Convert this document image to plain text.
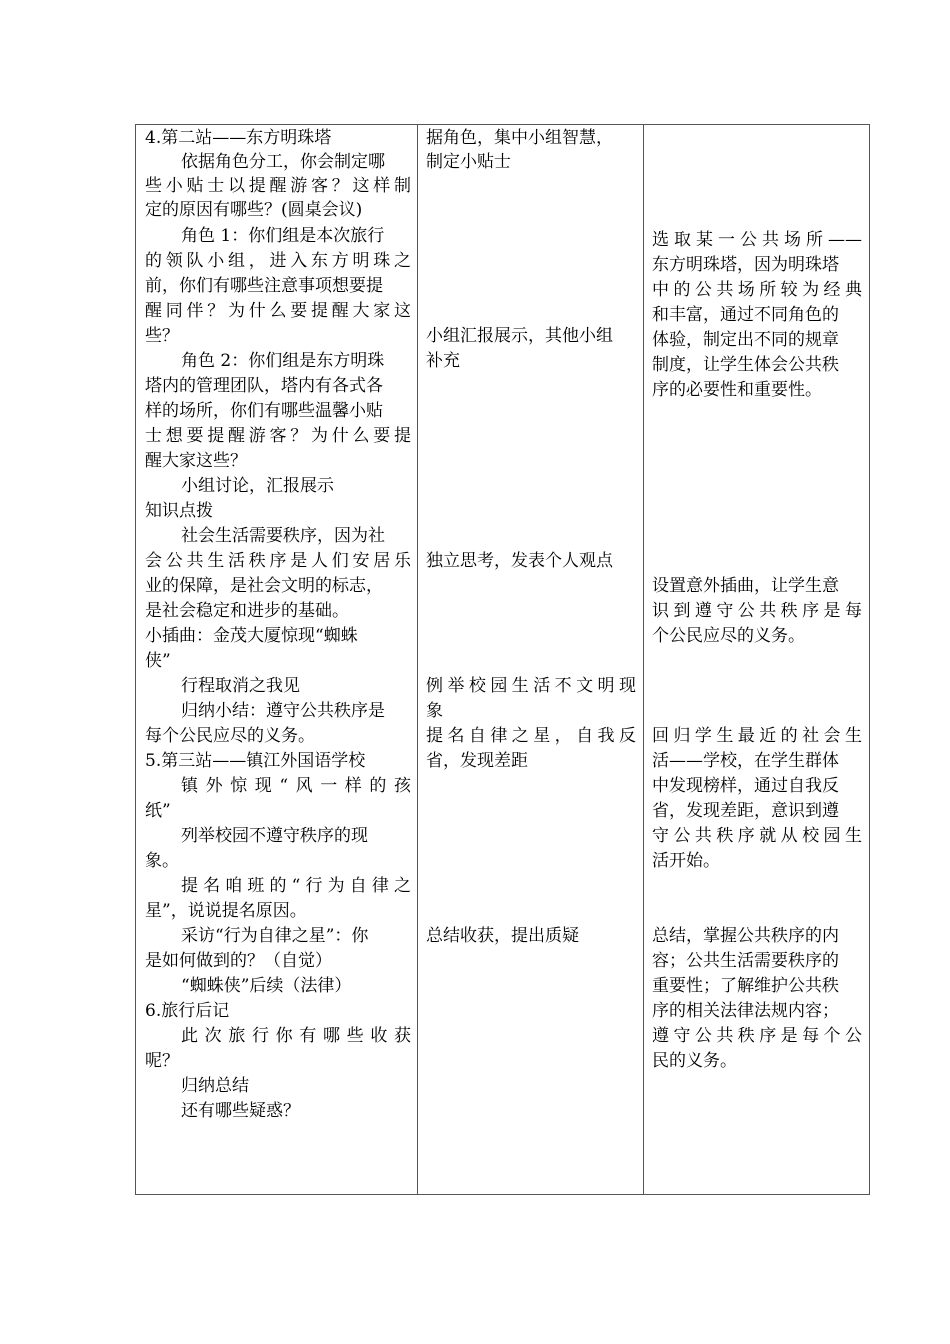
4.第二站——东方明珠塔
依据角色分工，你会制定哪
些小贴士以提醒游客？这样制
定的原因有哪些？(圆桌会议)
角色 1：你们组是本次旅行
的领队小组，进入东方明珠之
前，你们有哪些注意事项想要提
醒同伴？为什么要提醒大家这
些？
角色 2：你们组是东方明珠
塔内的管理团队，塔内有各式各
样的场所，你们有哪些温馨小贴
士想要提醒游客？为什么要提
醒大家这些？
小组讨论，汇报展示
知识点拨
社会生活需要秩序，因为社
会公共生活秩序是人们安居乐
业的保障，是社会文明的标志，
是社会稳定和进步的基础。
小插曲：金茂大厦惊现“蜘蛛
侠”
行程取消之我见
归纳小结：遵守公共秩序是
每个公民应尽的义务。
5.第三站——镇江外国语学校
镇外惊现“风一样的孩
纸”
列举校园不遵守秩序的现
象。
提名咱班的“行为自律之
星”，说说提名原因。
采访“行为自律之星”：你
是如何做到的？（自觉）
“蜘蛛侠”后续（法律）
6.旅行后记
此次旅行你有哪些收获
呢？
归纳总结
还有哪些疑惑？
据角色，集中小组智慧，
制定小贴士
小组汇报展示，其他小组
补充
独立思考，发表个人观点
例举校园生活不文明现
象
提名自律之星，自我反
省，发现差距
总结收获，提出质疑
选取某一公共场所——
东方明珠塔，因为明珠塔
中的公共场所较为经典
和丰富，通过不同角色的
体验，制定出不同的规章
制度，让学生体会公共秩
序的必要性和重要性。
设置意外插曲，让学生意
识到遵守公共秩序是每
个公民应尽的义务。
回归学生最近的社会生
活——学校，在学生群体
中发现榜样，通过自我反
省，发现差距，意识到遵
守公共秩序就从校园生
活开始。
总结，掌握公共秩序的内
容；公共生活需要秩序的
重要性；了解维护公共秩
序的相关法律法规内容；
遵守公共秩序是每个公
民的义务。
